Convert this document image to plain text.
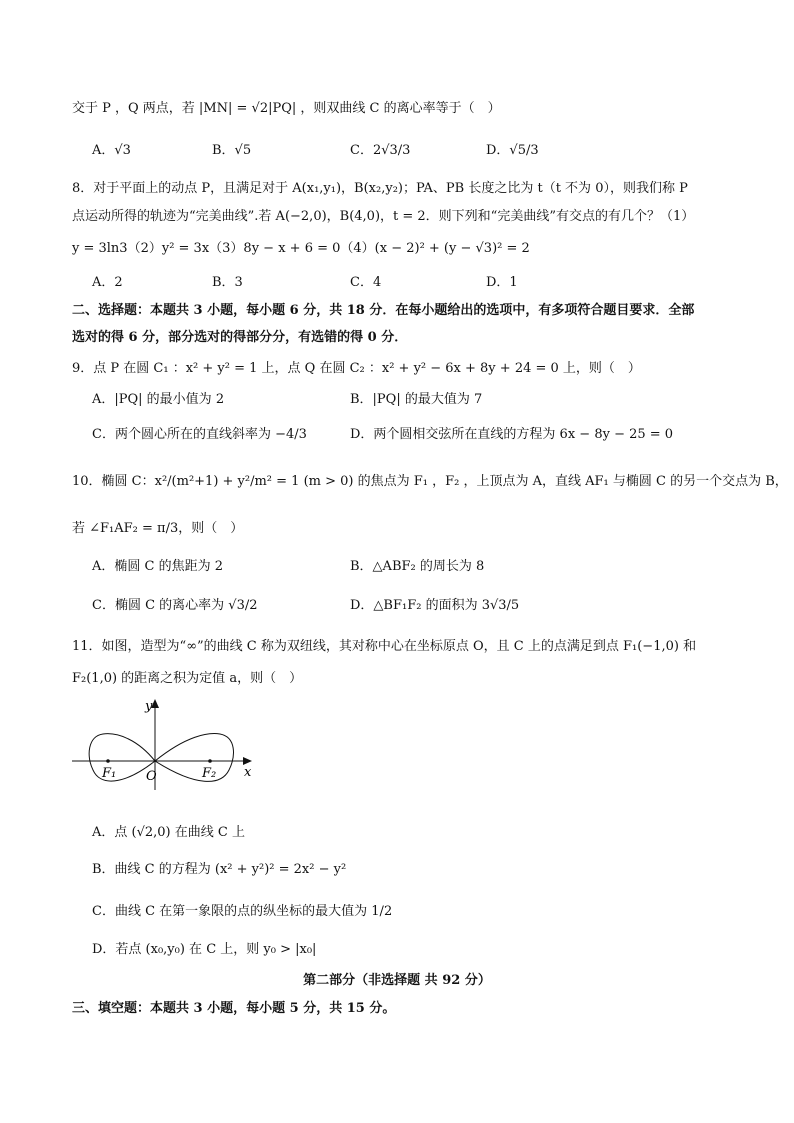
交于 P ，Q 两点，若 |MN| = √2|PQ| ，则双曲线 C 的离心率等于（　）
A．√3	B．√5	C．2√3/3	D．√5/3
8．对于平面上的动点 P，且满足对于 A(x₁,y₁)，B(x₂,y₂)；PA、PB 长度之比为 t（t 不为 0），则我们称 P
点运动所得的轨迹为“完美曲线”.若 A(−2,0)，B(4,0)，t = 2．则下列和“完美曲线”有交点的有几个？（1）
y = 3ln3（2）y² = 3x（3）8y − x + 6 = 0（4）(x − 2)² + (y − √3)² = 2
A．2	B．3	C．4	D．1
二、选择题：本题共 3 小题，每小题 6 分，共 18 分．在每小题给出的选项中，有多项符合题目要求．全部
选对的得 6 分，部分选对的得部分分，有选错的得 0 分．
9．点 P 在圆 C₁ ：x² + y² = 1 上，点 Q 在圆 C₂ ：x² + y² − 6x + 8y + 24 = 0 上，则（　）
A．|PQ| 的最小值为 2	B．|PQ| 的最大值为 7
C．两个圆心所在的直线斜率为 −4/3	D．两个圆相交弦所在直线的方程为 6x − 8y − 25 = 0
10．椭圆 C：x²/(m²+1) + y²/m² = 1 (m > 0) 的焦点为 F₁ ，F₂ ，上顶点为 A，直线 AF₁ 与椭圆 C 的另一个交点为 B，
若 ∠F₁AF₂ = π/3，则（　）
A．椭圆 C 的焦距为 2	B．△ABF₂ 的周长为 8
C．椭圆 C 的离心率为 √3/2	D．△BF₁F₂ 的面积为 3√3/5
11．如图，造型为“∞”的曲线 C 称为双纽线，其对称中心在坐标原点 O，且 C 上的点满足到点 F₁(−1,0) 和
F₂(1,0) 的距离之积为定值 a，则（　）
y
x
O
F₁	F₂
A．点 (√2,0) 在曲线 C 上
B．曲线 C 的方程为 (x² + y²)² = 2x² − y²
C．曲线 C 在第一象限的点的纵坐标的最大值为 1/2
D．若点 (x₀,y₀) 在 C 上，则 y₀ > |x₀|
第二部分（非选择题 共 92 分）
三、填空题：本题共 3 小题，每小题 5 分，共 15 分。
